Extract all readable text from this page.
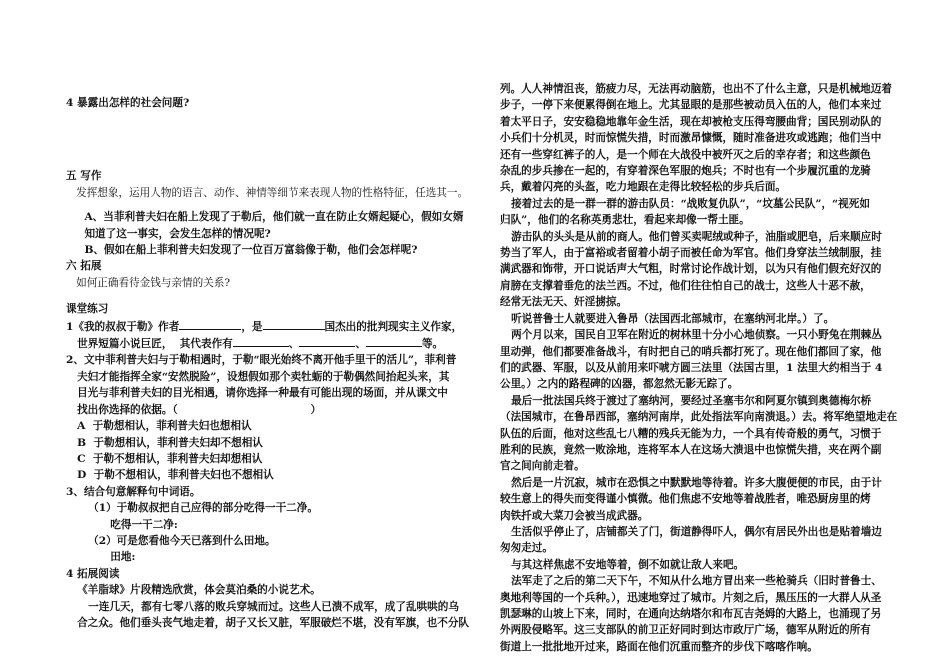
4 暴露出怎样的社会问题?
五 写作
发挥想象，运用人物的语言、动作、神情等细节来表现人物的性格特征，任选其一。
A、当菲利普夫妇在船上发现了于勒后，他们就一直在防止女婿起疑心，假如女婿
知道了这一事实，会发生怎样的情况呢?
B、假如在船上菲利普夫妇发现了一位百万富翁像于勒，他们会怎样呢?
六 拓展
如何正确看待金钱与亲情的关系?
课堂练习
1《我的叔叔于勒》作者	，是	国杰出的批判现实主义作家，
世界短篇小说巨匠，  其代表作有	、	、	等。
2、文中菲利普夫妇与于勒相遇时，于勒“眼光始终不离开他手里干的活儿”，菲利普
夫妇才能指挥全家“安然脱险”，设想假如那个卖牡蛎的于勒偶然间抬起头来，其
目光与菲利普夫妇的目光相遇，请你选择一种最有可能出现的场面，并从课文中
找出你选择的依据。（                                    ）
A  于勒想相认，菲利普夫妇也想相认
B  于勒想相认，菲利普夫妇却不想相认
C  于勒不想相认，菲利普夫妇却想相认
D  于勒不想相认，菲利普夫妇也不想相认
3、结合句意解释句中词语。
（1）于勒叔叔把自己应得的部分吃得一干二净。
吃得一干二净:
（2）可是您看他今天已落到什么田地。
田地:
4 拓展阅读
《羊脂球》片段精选欣赏，体会莫泊桑的小说艺术。
一连几天，都有七零八落的败兵穿城而过。这些人已溃不成军，成了乱哄哄的乌
合之众。他们垂头丧气地走着，胡子又长又脏，军服破烂不堪，没有军旗，也不分队
列。人人神情沮丧，筋疲力尽，无法再动脑筋，也出不了什么主意，只是机械地迈着
步子，一停下来便累得倒在地上。尤其显眼的是那些被动员入伍的人，他们本来过
着太平日子，安安稳稳地靠年金生活，现在却被枪支压得弯腰曲背；国民别动队的
小兵们十分机灵，时而惊慌失措，时而激昂慷慨，随时准备进攻或逃跑；他们当中
还有一些穿红裤子的人，是一个师在大战役中被歼灭之后的幸存者；和这些颜色
杂乱的步兵掺在一起的，有穿着深色军服的炮兵；不时也有一个步履沉重的龙骑
兵，戴着闪亮的头盔，吃力地跟在走得比较轻松的步兵后面。
接着过去的是一群一群的游击队员：“战败复仇队”，“坟墓公民队”，“视死如
归队”，他们的名称英勇悲壮，看起来却像一帮土匪。
游击队的头头是从前的商人。他们曾买卖呢绒或种子，油脂或肥皂，后来顺应时
势当了军人，由于富裕或者留着小胡子而被任命为军官。他们身穿法兰绒制服，挂
满武器和饰带，开口说话声大气粗，时常讨论作战计划，以为只有他们假充好汉的
肩膀在支撑着垂危的法兰西。不过，他们往往怕自己的战士，这些人十恶不赦，
经常无法无天、奸淫掳掠。
听说普鲁士人就要进入鲁昂（法国西北部城市，在塞纳河北岸。）了。
两个月以来，国民自卫军在附近的树林里十分小心地侦察。一只小野兔在荆棘丛
里动弹，他们都要准备战斗，有时把自己的哨兵都打死了。现在他们都回了家，他
们的武器、军服，以及从前用来吓唬方圆三法里（法国古里，1 法里大约相当于 4
公里。）之内的路程碑的凶器，都忽然无影无踪了。
最后一批法国兵终于渡过了塞纳河，要经过圣塞韦尔和阿夏尔镇到奥德梅尔桥
（法国城市，在鲁昂西部，塞纳河南岸，此处指法军向南溃退。）去。将军绝望地走在
队伍的后面，他对这些乱七八糟的残兵无能为力，一个具有传奇般的勇气，习惯于
胜利的民族，竟然一败涂地，连将军本人在这场大溃退中也惊慌失措，夹在两个副
官之间向前走着。
然后是一片沉寂，城市在恐惧之中默默地等待着。许多大腹便便的市民，由于计
较生意上的得失而变得谨小慎微。他们焦虑不安地等着战胜者，唯恐厨房里的烤
肉铁扦或大菜刀会被当成武器。
生活似乎停止了，店铺都关了门，街道静得吓人，偶尔有居民外出也是贴着墙边
匆匆走过。
与其这样焦虑不安地等着，倒不如就让敌人来吧。
法军走了之后的第二天下午，不知从什么地方冒出来一些枪骑兵（旧时普鲁士、
奥地利等国的一个兵种。），迅速地穿过了城市。片刻之后，黑压压的一大群人从圣
凯瑟琳的山坡上下来，同时，在通向达纳塔尔和布瓦吉尧姆的大路上，也涌现了另
外两股侵略军。这三支部队的前卫正好同时到达市政厅广场，德军从附近的所有
街道上一批批地开过来，路面在他们沉重而整齐的步伐下喀喀作响。
